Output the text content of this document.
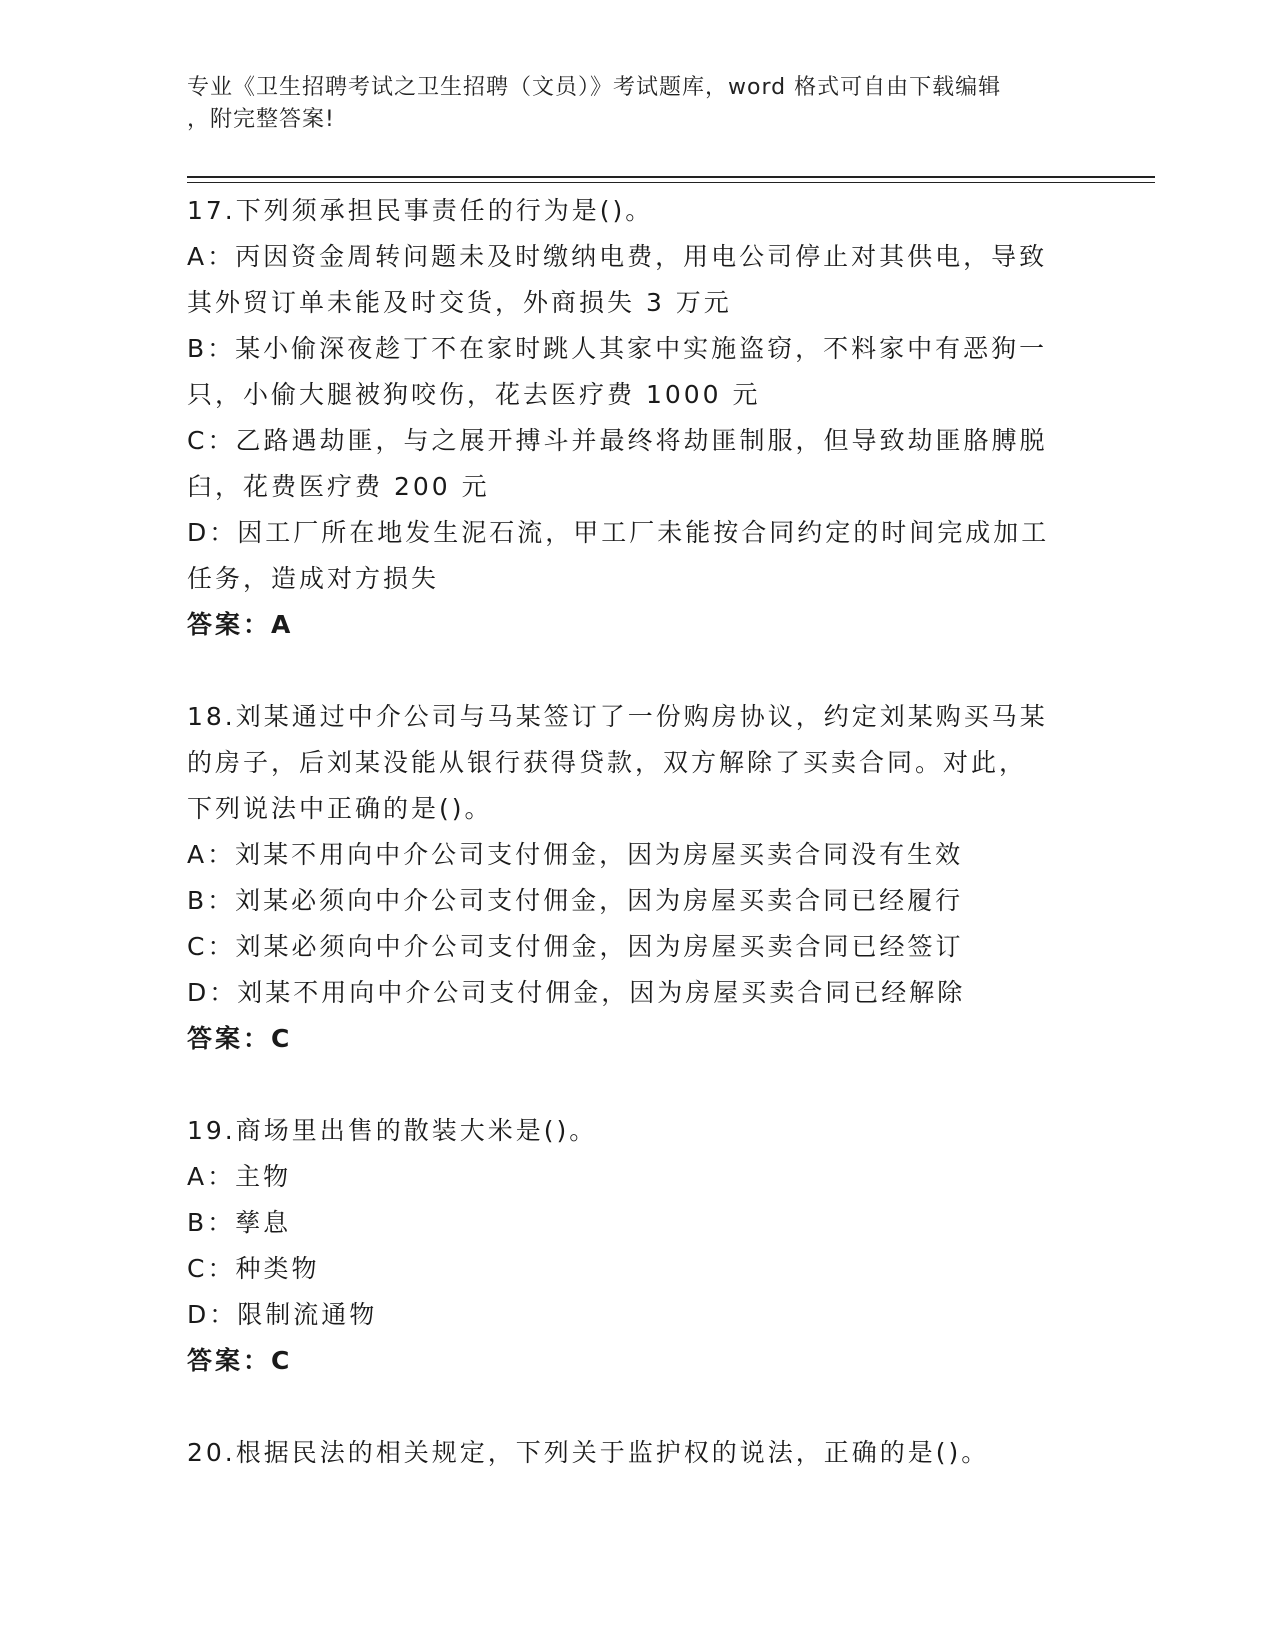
专业《卫生招聘考试之卫生招聘（文员）》考试题库，word 格式可自由下载编辑
，附完整答案!
17.下列须承担民事责任的行为是()。
A：丙因资金周转问题未及时缴纳电费，用电公司停止对其供电，导致
其外贸订单未能及时交货，外商损失 3 万元
B：某小偷深夜趁丁不在家时跳人其家中实施盗窃，不料家中有恶狗一
只，小偷大腿被狗咬伤，花去医疗费 1000 元
C：乙路遇劫匪，与之展开搏斗并最终将劫匪制服，但导致劫匪胳膊脱
臼，花费医疗费 200 元
D：因工厂所在地发生泥石流，甲工厂未能按合同约定的时间完成加工
任务，造成对方损失
答案：A
18.刘某通过中介公司与马某签订了一份购房协议，约定刘某购买马某
的房子，后刘某没能从银行获得贷款，双方解除了买卖合同。对此，
下列说法中正确的是()。
A：刘某不用向中介公司支付佣金，因为房屋买卖合同没有生效
B：刘某必须向中介公司支付佣金，因为房屋买卖合同已经履行
C：刘某必须向中介公司支付佣金，因为房屋买卖合同已经签订
D：刘某不用向中介公司支付佣金，因为房屋买卖合同已经解除
答案：C
19.商场里出售的散装大米是()。
A：主物
B：孳息
C：种类物
D：限制流通物
答案：C
20.根据民法的相关规定，下列关于监护权的说法，正确的是()。
